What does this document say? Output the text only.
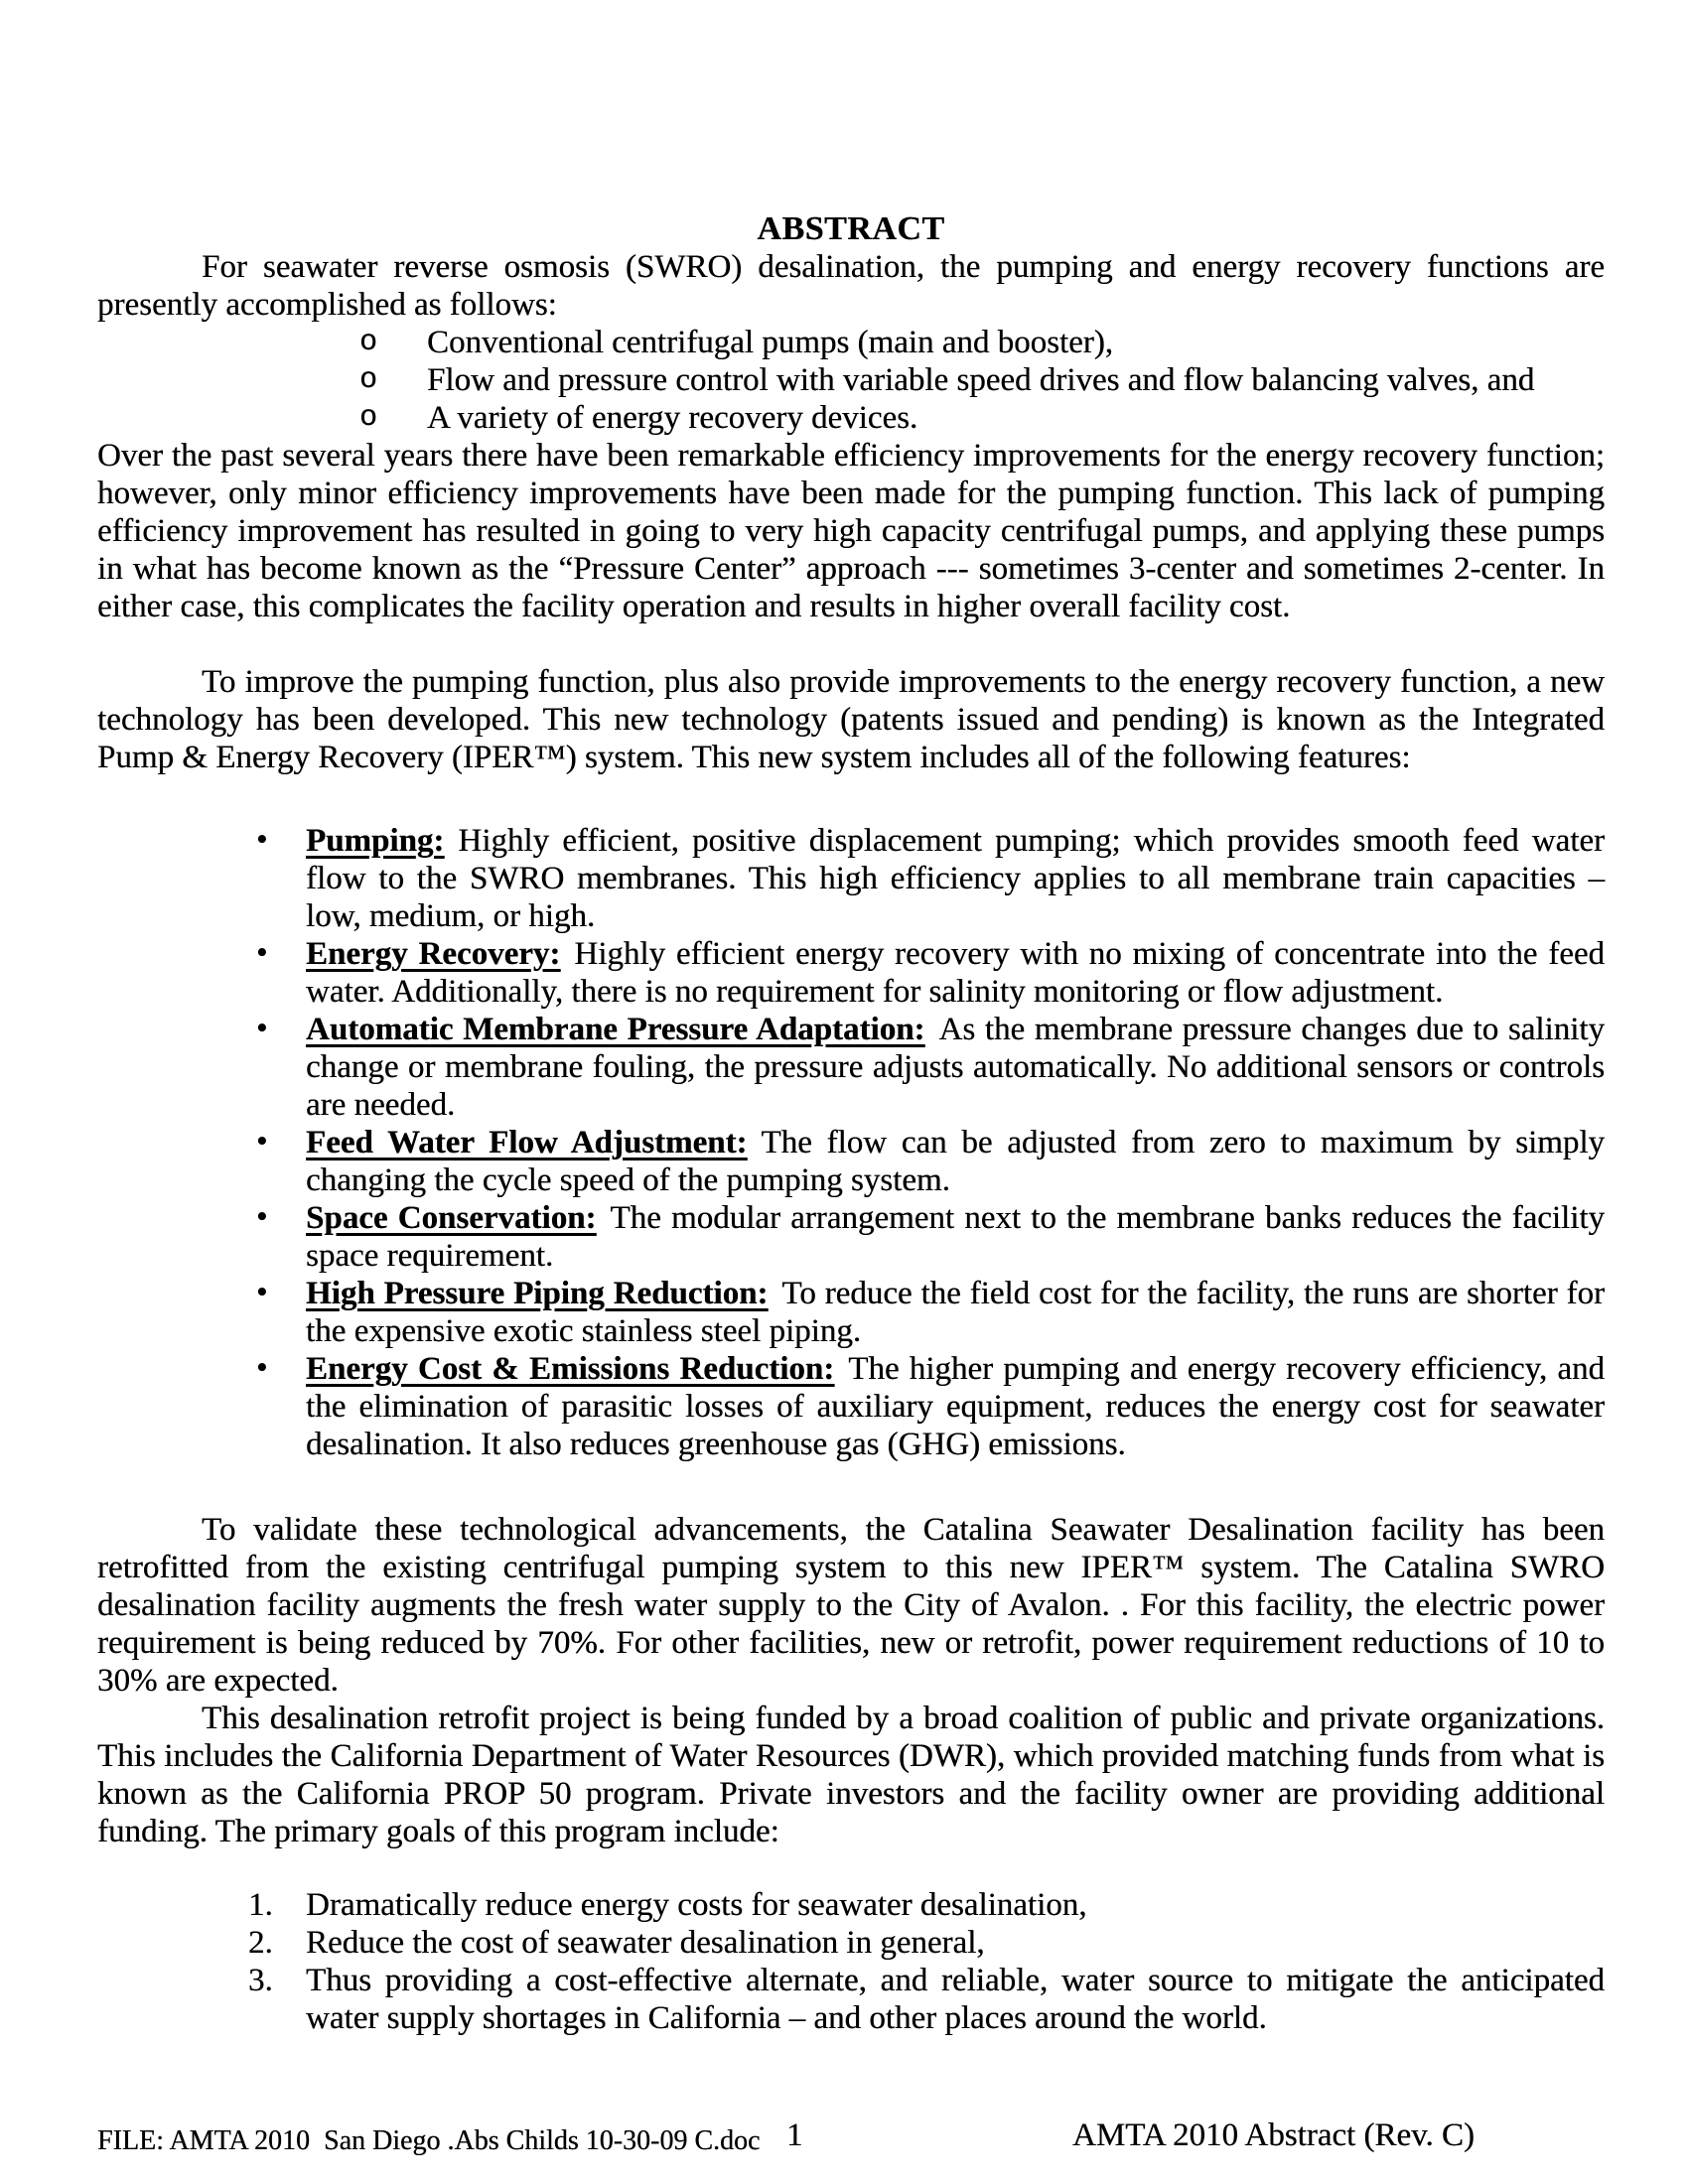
ABSTRACT

For seawater reverse osmosis (SWRO) desalination, the pumping and energy recovery functions are presently accomplished as follows:

o Conventional centrifugal pumps (main and booster),
o Flow and pressure control with variable speed drives and flow balancing valves, and
o A variety of energy recovery devices.

Over the past several years there have been remarkable efficiency improvements for the energy recovery function; however, only minor efficiency improvements have been made for the pumping function. This lack of pumping efficiency improvement has resulted in going to very high capacity centrifugal pumps, and applying these pumps in what has become known as the “Pressure Center” approach --- sometimes 3-center and sometimes 2-center. In either case, this complicates the facility operation and results in higher overall facility cost.

To improve the pumping function, plus also provide improvements to the energy recovery function, a new technology has been developed. This new technology (patents issued and pending) is known as the Integrated Pump & Energy Recovery (IPER™) system. This new system includes all of the following features:

• Pumping: Highly efficient, positive displacement pumping; which provides smooth feed water flow to the SWRO membranes. This high efficiency applies to all membrane train capacities – low, medium, or high.
• Energy Recovery: Highly efficient energy recovery with no mixing of concentrate into the feed water. Additionally, there is no requirement for salinity monitoring or flow adjustment.
• Automatic Membrane Pressure Adaptation: As the membrane pressure changes due to salinity change or membrane fouling, the pressure adjusts automatically. No additional sensors or controls are needed.
• Feed Water Flow Adjustment: The flow can be adjusted from zero to maximum by simply changing the cycle speed of the pumping system.
• Space Conservation: The modular arrangement next to the membrane banks reduces the facility space requirement.
• High Pressure Piping Reduction: To reduce the field cost for the facility, the runs are shorter for the expensive exotic stainless steel piping.
• Energy Cost & Emissions Reduction: The higher pumping and energy recovery efficiency, and the elimination of parasitic losses of auxiliary equipment, reduces the energy cost for seawater desalination. It also reduces greenhouse gas (GHG) emissions.

To validate these technological advancements, the Catalina Seawater Desalination facility has been retrofitted from the existing centrifugal pumping system to this new IPER™ system. The Catalina SWRO desalination facility augments the fresh water supply to the City of Avalon. . For this facility, the electric power requirement is being reduced by 70%. For other facilities, new or retrofit, power requirement reductions of 10 to 30% are expected.

This desalination retrofit project is being funded by a broad coalition of public and private organizations. This includes the California Department of Water Resources (DWR), which provided matching funds from what is known as the California PROP 50 program. Private investors and the facility owner are providing additional funding. The primary goals of this program include:

1. Dramatically reduce energy costs for seawater desalination,
2. Reduce the cost of seawater desalination in general,
3. Thus providing a cost-effective alternate, and reliable, water source to mitigate the anticipated water supply shortages in California – and other places around the world.
FILE: AMTA 2010  San Diego .Abs Childs 10-30-09 C.doc 1	AMTA 2010 Abstract (Rev. C)
